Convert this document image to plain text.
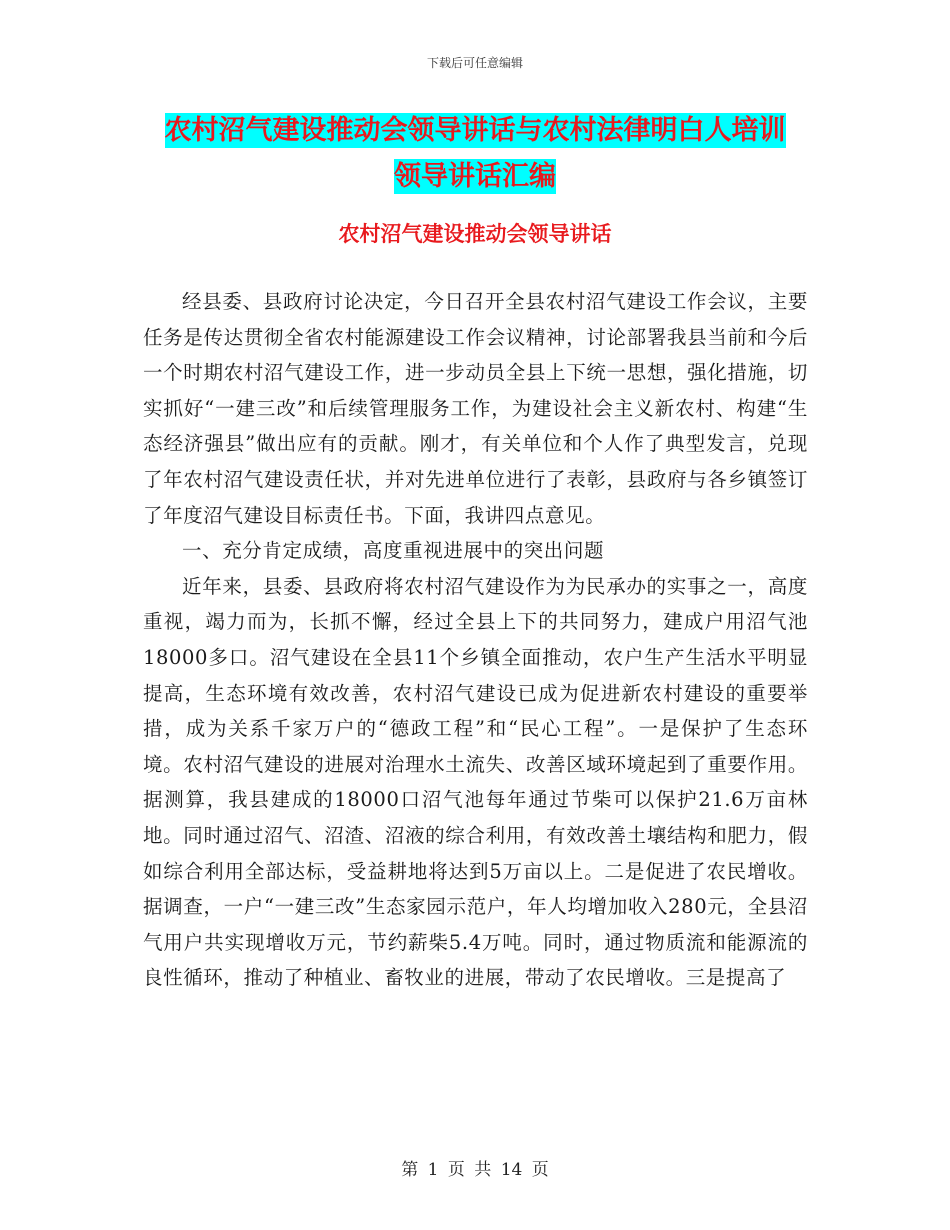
下载后可任意编辑
农村沼气建设推动会领导讲话与农村法律明白人培训
领导讲话汇编
农村沼气建设推动会领导讲话

经县委、县政府讨论决定，今日召开全县农村沼气建设工作会议，主要任务是传达贯彻全省农村能源建设工作会议精神，讨论部署我县当前和今后一个时期农村沼气建设工作，进一步动员全县上下统一思想，强化措施，切实抓好“一建三改”和后续管理服务工作，为建设社会主义新农村、构建“生态经济强县”做出应有的贡献。刚才，有关单位和个人作了典型发言，兑现了年农村沼气建设责任状，并对先进单位进行了表彰，县政府与各乡镇签订了年度沼气建设目标责任书。下面，我讲四点意见。

一、充分肯定成绩，高度重视进展中的突出问题

近年来，县委、县政府将农村沼气建设作为为民承办的实事之一，高度重视，竭力而为，长抓不懈，经过全县上下的共同努力，建成户用沼气池18000多口。沼气建设在全县11个乡镇全面推动，农户生产生活水平明显提高，生态环境有效改善，农村沼气建设已成为促进新农村建设的重要举措，成为关系千家万户的“德政工程”和“民心工程”。一是保护了生态环境。农村沼气建设的进展对治理水土流失、改善区域环境起到了重要作用。据测算，我县建成的18000口沼气池每年通过节柴可以保护21.6万亩林地。同时通过沼气、沼渣、沼液的综合利用，有效改善土壤结构和肥力，假如综合利用全部达标，受益耕地将达到5万亩以上。二是促进了农民增收。据调查，一户“一建三改”生态家园示范户，年人均增加收入280元，全县沼气用户共实现增收万元，节约薪柴5.4万吨。同时，通过物质流和能源流的良性循环，推动了种植业、畜牧业的进展，带动了农民增收。三是提高了

第 1 页 共 14 页
